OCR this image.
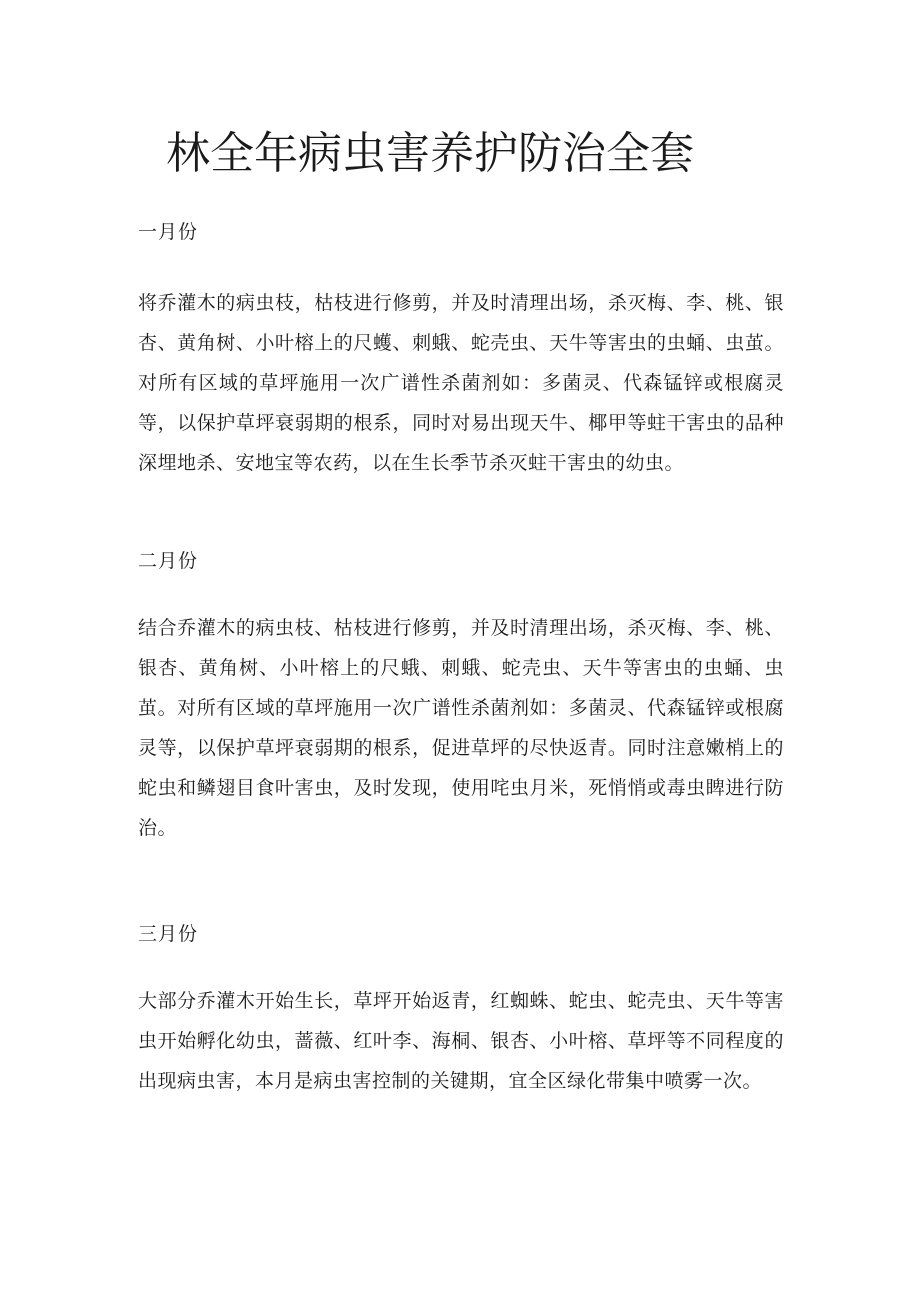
林全年病虫害养护防治全套

一月份

将乔灌木的病虫枝，枯枝进行修剪，并及时清理出场，杀灭梅、李、桃、银杏、黄角树、小叶榕上的尺蠖、刺蛾、蛇壳虫、天牛等害虫的虫蛹、虫茧。对所有区域的草坪施用一次广谱性杀菌剂如：多菌灵、代森锰锌或根腐灵等，以保护草坪衰弱期的根系，同时对易出现天牛、椰甲等蛀干害虫的品种深埋地杀、安地宝等农药，以在生长季节杀灭蛀干害虫的幼虫。

二月份

结合乔灌木的病虫枝、枯枝进行修剪，并及时清理出场，杀灭梅、李、桃、银杏、黄角树、小叶榕上的尺蛾、刺蛾、蛇壳虫、天牛等害虫的虫蛹、虫茧。对所有区域的草坪施用一次广谱性杀菌剂如：多菌灵、代森锰锌或根腐灵等，以保护草坪衰弱期的根系，促进草坪的尽快返青。同时注意嫩梢上的蛇虫和鳞翅目食叶害虫，及时发现，使用咤虫月米，死悄悄或毒虫睥进行防治。

三月份

大部分乔灌木开始生长，草坪开始返青，红蜘蛛、蛇虫、蛇壳虫、天牛等害虫开始孵化幼虫，蔷薇、红叶李、海桐、银杏、小叶榕、草坪等不同程度的出现病虫害，本月是病虫害控制的关键期，宜全区绿化带集中喷雾一次。
